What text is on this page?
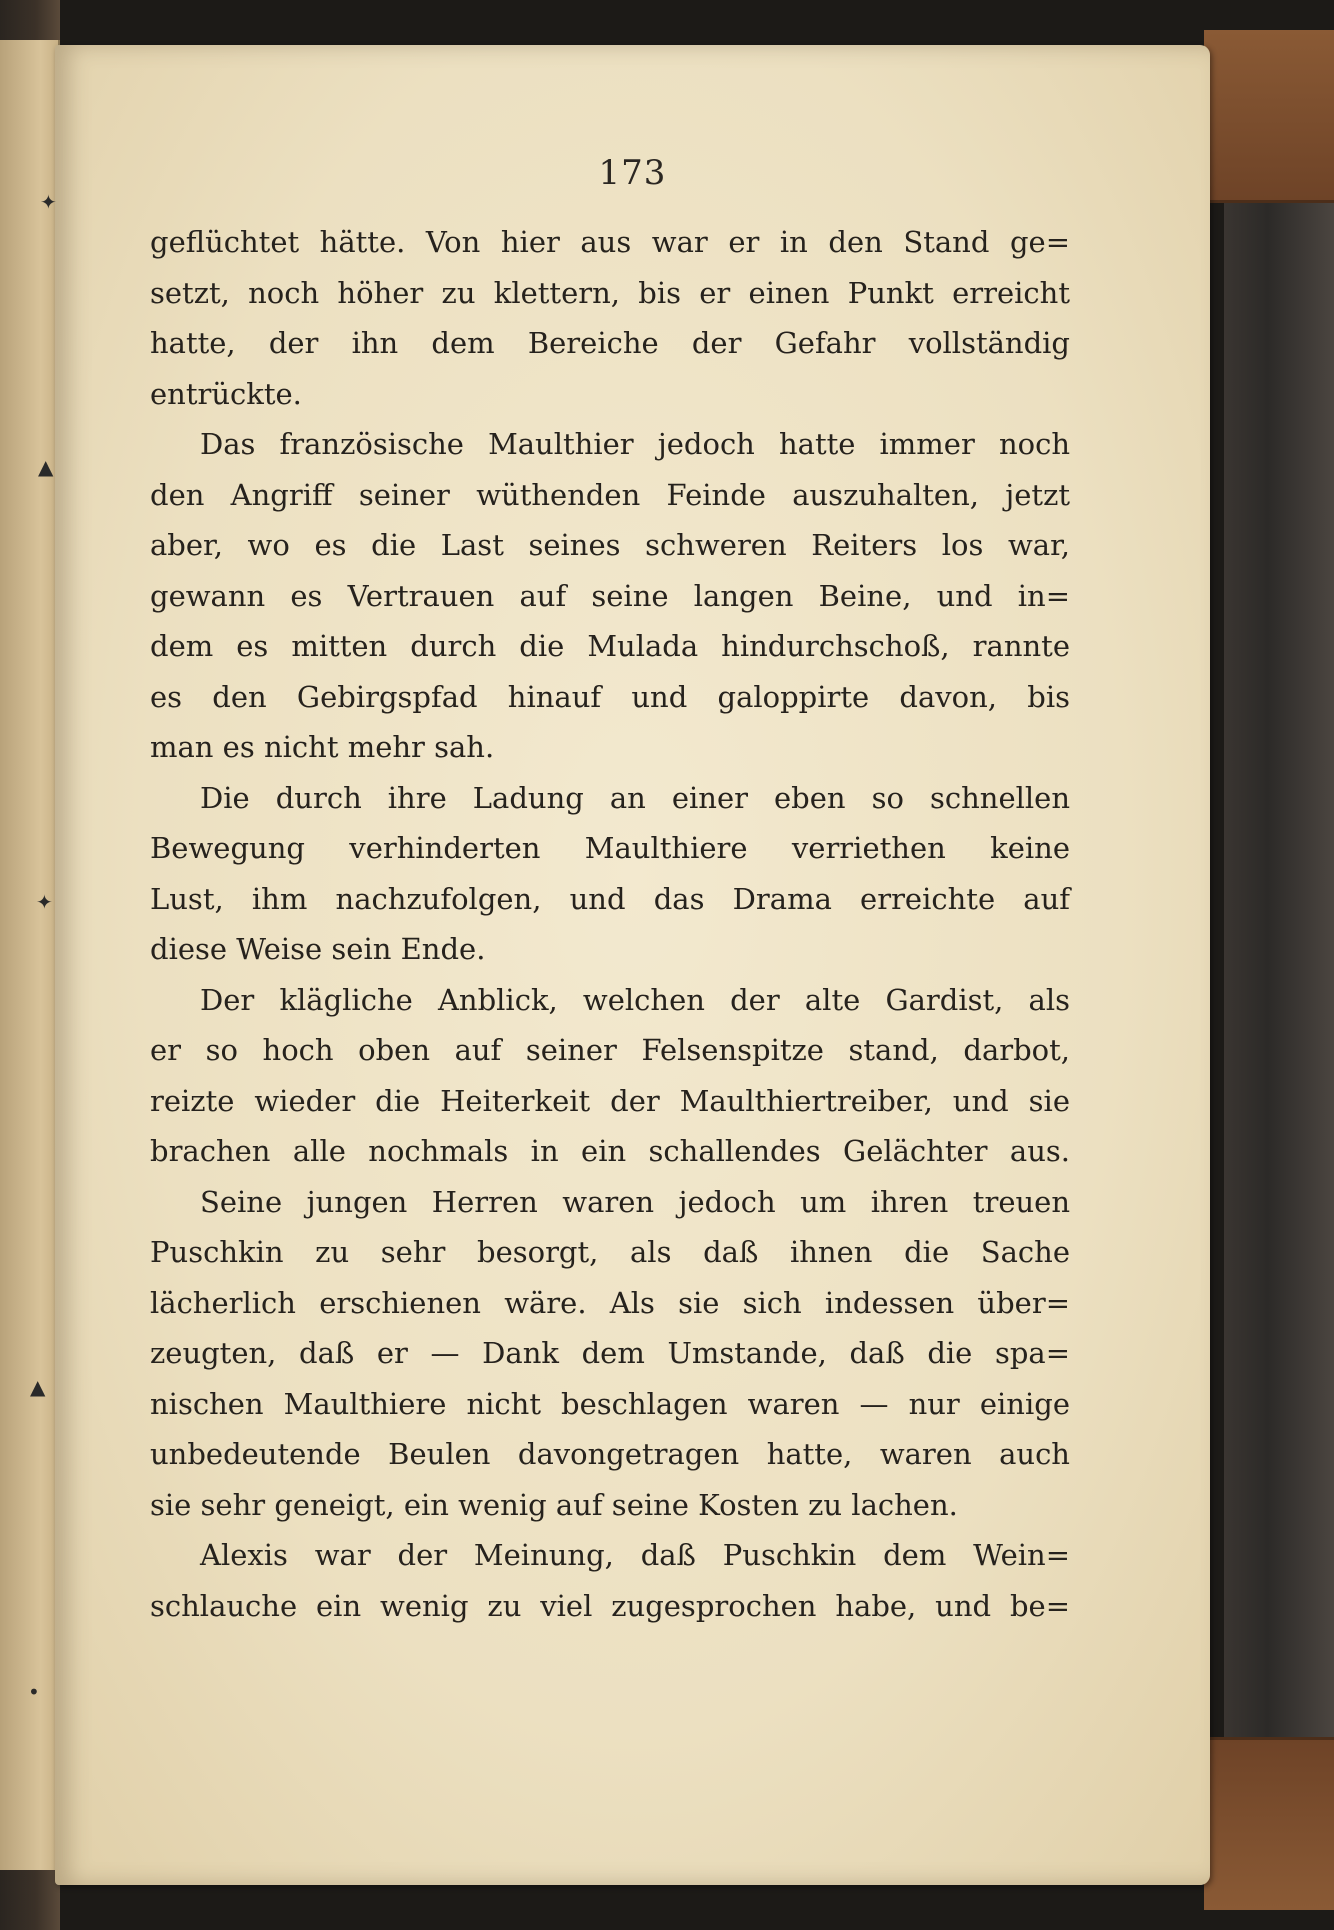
173
geflüchtet hätte. Von hier aus war er in den Stand ge=
setzt, noch höher zu klettern, bis er einen Punkt erreicht
hatte, der ihn dem Bereiche der Gefahr vollständig
entrückte.
Das französische Maulthier jedoch hatte immer noch
den Angriff seiner wüthenden Feinde auszuhalten, jetzt
aber, wo es die Last seines schweren Reiters los war,
gewann es Vertrauen auf seine langen Beine, und in=
dem es mitten durch die Mulada hindurchschoß, rannte
es den Gebirgspfad hinauf und galoppirte davon, bis
man es nicht mehr sah.
Die durch ihre Ladung an einer eben so schnellen
Bewegung verhinderten Maulthiere verriethen keine
Lust, ihm nachzufolgen, und das Drama erreichte auf
diese Weise sein Ende.
Der klägliche Anblick, welchen der alte Gardist, als
er so hoch oben auf seiner Felsenspitze stand, darbot,
reizte wieder die Heiterkeit der Maulthiertreiber, und sie
brachen alle nochmals in ein schallendes Gelächter aus.
Seine jungen Herren waren jedoch um ihren treuen
Puschkin zu sehr besorgt, als daß ihnen die Sache
lächerlich erschienen wäre. Als sie sich indessen über=
zeugten, daß er — Dank dem Umstande, daß die spa=
nischen Maulthiere nicht beschlagen waren — nur einige
unbedeutende Beulen davongetragen hatte, waren auch
sie sehr geneigt, ein wenig auf seine Kosten zu lachen.
Alexis war der Meinung, daß Puschkin dem Wein=
schlauche ein wenig zu viel zugesprochen habe, und be=
✦
▲
✦
▲
•
